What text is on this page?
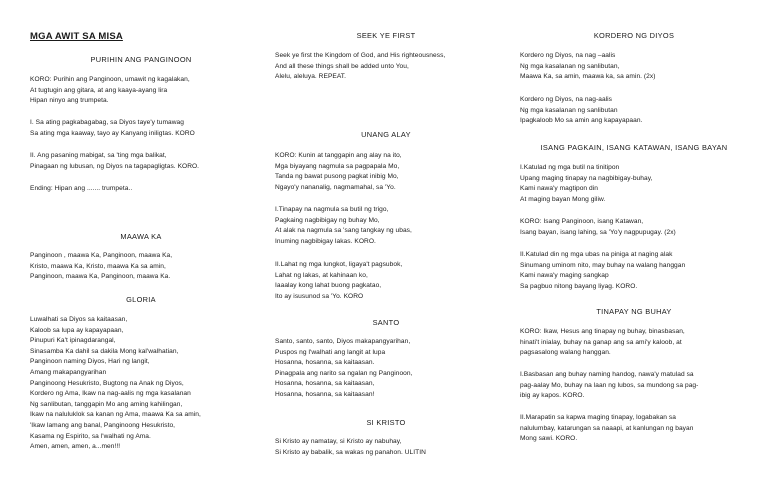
MGA AWIT SA MISA
PURIHIN ANG PANGINOON
KORO: Purihin ang Panginoon, umawit ng kagalakan,
At tugtugin ang gitara, at ang kaaya-ayang lira
Hipan ninyo ang trumpeta.
I. Sa ating pagkabagabag, sa Diyos taye'y tumawag
Sa ating mga kaaway, tayo ay Kanyang iniligtas. KORO
II. Ang pasaning mabigat, sa 'ting mga balikat,
Pinagaan ng lubusan, ng Diyos na tagapagligtas. KORO.
Ending: Hipan ang ....... trumpeta..
MAAWA KA
Panginoon , maawa Ka, Panginoon, maawa Ka,
Kristo, maawa Ka, Kristo, maawa Ka sa amin,
Panginoon, maawa Ka, Panginoon, maawa Ka.
GLORIA
Luwalhati sa Diyos sa kaitaasan,
Kaloob sa lupa ay kapayapaan,
Pinupuri Ka't ipinagdarangal,
Sinasamba Ka dahil sa dakila Mong kal'walhatian,
Panginoon naming Diyos, Hari ng langit,
Amang makapangyarihan
Panginoong Hesukristo, Bugtong na Anak ng Diyos,
Kordero ng Ama, Ikaw na nag-aalis ng mga kasalanan
Ng sanlibutan, tanggapin Mo ang aming kahilingan,
Ikaw na naluluklok sa kanan ng Ama, maawa Ka sa amin,
'Ikaw lamang ang banal, Panginoong Hesukristo,
Kasama ng Espirito, sa l'walhati ng Ama.
Amen, amen, amen, a...men!!!
SEEK YE FIRST
Seek ye first the Kingdom of God, and His righteousness,
And all these things shall be added unto You,
Alelu, aleluya. REPEAT.
UNANG ALAY
KORO: Kunin at tanggapin ang alay na ito,
Mga biyayang nagmula sa pagpapala Mo,
Tanda ng bawat pusong pagkat inibig Mo,
Ngayo'y nananalig, nagmamahal, sa 'Yo.
I.Tinapay na nagmula sa butil ng trigo,
Pagkaing nagbibigay ng buhay Mo,
At alak na nagmula sa 'sang tangkay ng ubas,
Inuming nagbibigay lakas. KORO.
II.Lahat ng mga lungkot, ligaya't pagsubok,
Lahat ng lakas, at kahinaan ko,
Iaaalay kong lahat buong pagkatao,
Ito ay isusunod sa 'Yo. KORO
SANTO
Santo, santo, santo, Diyos makapangyarihan,
Puspos ng l'walhati ang langit at lupa
Hosanna, hosanna, sa kaitaasan.
Pinagpala ang narito sa ngalan ng Panginoon,
Hosanna, hosanna, sa kaitaasan,
Hosanna, hosanna, sa kaitaasan!
SI KRISTO
Si Kristo ay namatay, si Kristo ay nabuhay,
Si Kristo ay babalik, sa wakas ng panahon. ULITIN
KORDERO NG DIYOS
Kordero ng Diyos, na nag –aalis
Ng mga kasalanan ng sanlibutan,
Maawa Ka, sa amin, maawa ka, sa amin. (2x)
Kordero ng Diyos, na nag-aalis
Ng mga kasalanan ng sanlibutan
Ipagkaloob Mo sa amin ang kapayapaan.
ISANG PAGKAIN, ISANG KATAWAN, ISANG BAYAN
I.Katulad ng mga butil na tinitipon
Upang maging tinapay na nagbibigay-buhay,
Kami nawa'y magtipon din
At maging bayan Mong giliw.
KORO: Isang Panginoon, isang Katawan,
Isang bayan, isang lahing, sa 'Yo'y nagpupugay. (2x)
II.Katulad din ng mga ubas na piniga at naging alak
Sinumang uminom nito, may buhay na walang hanggan
Kami nawa'y maging sangkap
Sa pagbuo nitong bayang liyag. KORO.
TINAPAY NG BUHAY
KORO: Ikaw, Hesus ang tinapay ng buhay, binasbasan,
hinati't inialay, buhay na ganap ang sa ami'y kaloob, at
pagsasalong walang hanggan.
I.Basbasan ang buhay naming handog, nawa'y matulad sa
pag-aalay Mo, buhay na laan ng lubos, sa mundong sa pag-
ibig ay kapos. KORO.
II.Marapatin sa kapwa maging tinapay, logabakan sa
nalulumbay, katarungan sa naaapi, at kanlungan ng bayan
Mong sawi. KORO.
